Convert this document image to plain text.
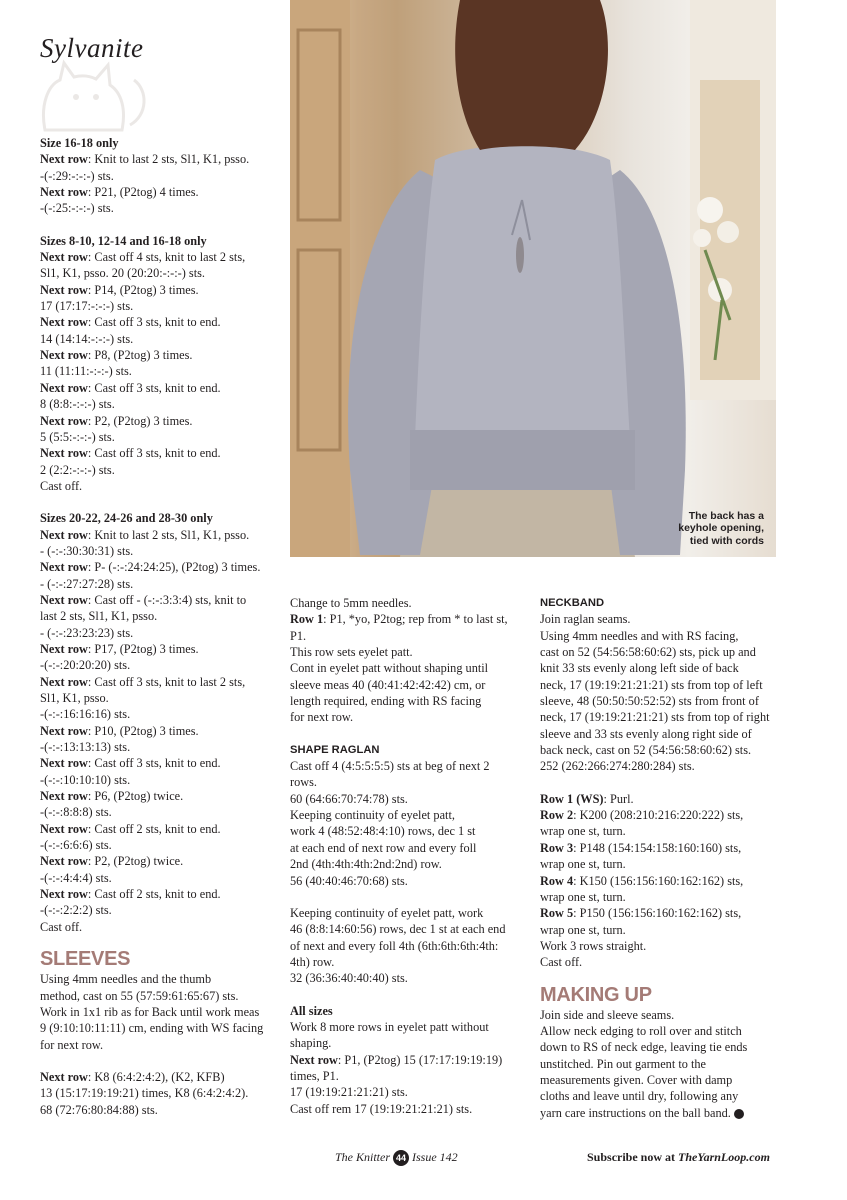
Sylvanite

Size 16-18 only

Next row: Knit to last 2 sts, Sl1, K1, psso.

-(-:29:-:-:-) sts.

Next row: P21, (P2tog) 4 times.

-(-:25:-:-:-) sts.

Sizes 8-10, 12-14 and 16-18 only

Next row: Cast off 4 sts, knit to last 2 sts,

Sl1, K1, psso. 20 (20:20:-:-:-) sts.

Next row: P14, (P2tog) 3 times.

17 (17:17:-:-:-) sts.

Next row: Cast off 3 sts, knit to end.

14 (14:14:-:-:-) sts.

Next row: P8, (P2tog) 3 times.

11 (11:11:-:-:-) sts.

Next row: Cast off 3 sts, knit to end.

8 (8:8:-:-:-) sts.

Next row: P2, (P2tog) 3 times.

5 (5:5:-:-:-) sts.

Next row: Cast off 3 sts, knit to end.

2 (2:2:-:-:-) sts.

Cast off.

Sizes 20-22, 24-26 and 28-30 only

Next row: Knit to last 2 sts, Sl1, K1, psso.

- (-:-:30:30:31) sts.

Next row: P- (-:-:24:24:25), (P2tog) 3 times.

- (-:-:27:27:28) sts.

Next row: Cast off - (-:-:3:3:4) sts, knit to

last 2 sts, Sl1, K1, psso.

- (-:-:23:23:23) sts.

Next row: P17, (P2tog) 3 times.

-(-:-:20:20:20) sts.

Next row: Cast off 3 sts, knit to last 2 sts,

Sl1, K1, psso.

-(-:-:16:16:16) sts.

Next row: P10, (P2tog) 3 times.

-(-:-:13:13:13) sts.

Next row: Cast off 3 sts, knit to end.

-(-:-:10:10:10) sts.

Next row: P6, (P2tog) twice.

-(-:-:8:8:8) sts.

Next row: Cast off 2 sts, knit to end.

-(-:-:6:6:6) sts.

Next row: P2, (P2tog) twice.

-(-:-:4:4:4) sts.

Next row: Cast off 2 sts, knit to end.

-(-:-:2:2:2) sts.

Cast off.

SLEEVES

Using 4mm needles and the thumb

method, cast on 55 (57:59:61:65:67) sts.

Work in 1x1 rib as for Back until work meas

9 (9:10:10:11:11) cm, ending with WS facing

for next row.

Next row: K8 (6:4:2:4:2), (K2, KFB)

13 (15:17:19:19:21) times, K8 (6:4:2:4:2).

68 (72:76:80:84:88) sts.

The back has a
keyhole opening,
tied with cords

Change to 5mm needles.

Row 1: P1, *yo, P2tog; rep from * to last st,

P1.

This row sets eyelet patt.

Cont in eyelet patt without shaping until

sleeve meas 40 (40:41:42:42:42) cm, or

length required, ending with RS facing

for next row.

SHAPE RAGLAN

Cast off 4 (4:5:5:5:5) sts at beg of next 2

rows.

60 (64:66:70:74:78) sts.

Keeping continuity of eyelet patt,

work 4 (48:52:48:4:10) rows, dec 1 st

at each end of next row and every foll

2nd (4th:4th:4th:2nd:2nd) row.

56 (40:40:46:70:68) sts.

Keeping continuity of eyelet patt, work

46 (8:8:14:60:56) rows, dec 1 st at each end

of next and every foll 4th (6th:6th:6th:4th:

4th) row.

32 (36:36:40:40:40) sts.

All sizes

Work 8 more rows in eyelet patt without

shaping.

Next row: P1, (P2tog) 15 (17:17:19:19:19)

times, P1.

17 (19:19:21:21:21) sts.

Cast off rem 17 (19:19:21:21:21) sts.

NECKBAND

Join raglan seams.

Using 4mm needles and with RS facing,

cast on 52 (54:56:58:60:62) sts, pick up and

knit 33 sts evenly along left side of back

neck, 17 (19:19:21:21:21) sts from top of left

sleeve, 48 (50:50:50:52:52) sts from front of

neck, 17 (19:19:21:21:21) sts from top of right

sleeve and 33 sts evenly along right side of

back neck, cast on 52 (54:56:58:60:62) sts.

252 (262:266:274:280:284) sts.

Row 1 (WS): Purl.

Row 2: K200 (208:210:216:220:222) sts,

wrap one st, turn.

Row 3: P148 (154:154:158:160:160) sts,

wrap one st, turn.

Row 4: K150 (156:156:160:162:162) sts,

wrap one st, turn.

Row 5: P150 (156:156:160:162:162) sts,

wrap one st, turn.

Work 3 rows straight.

Cast off.

MAKING UP

Join side and sleeve seams.

Allow neck edging to roll over and stitch

down to RS of neck edge, leaving tie ends

unstitched. Pin out garment to the

measurements given. Cover with damp

cloths and leave until dry, following any

yarn care instructions on the ball band.

The Knitter 44 Issue 142	Subscribe now at TheYarnLoop.com
